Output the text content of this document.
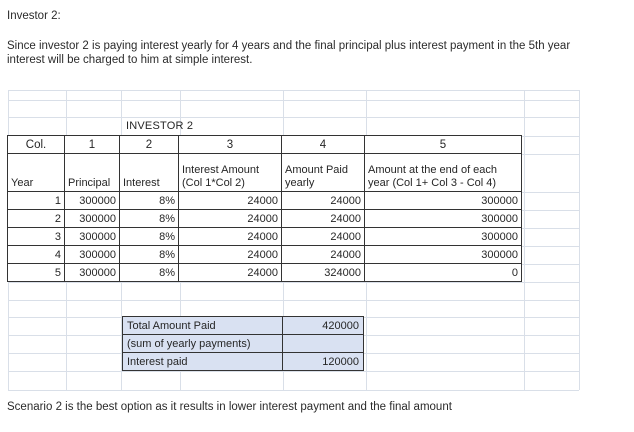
Investor 2:
Since investor 2 is paying interest yearly for 4 years and the final principal plus interest payment in the 5th year interest will be charged to him at simple interest.
INVESTOR 2
Col.	1	2	3	4	5
Year	Principal	Interest	Interest Amount (Col 1*Col 2)	Amount Paid yearly	Amount at the end of each year (Col 1+ Col 3 - Col 4)
1	300000	8%	24000	24000	300000
2	300000	8%	24000	24000	300000
3	300000	8%	24000	24000	300000
4	300000	8%	24000	24000	300000
5	300000	8%	24000	324000	0
Total Amount Paid	420000
(sum of yearly payments)	
Interest paid	120000
Scenario 2 is the best option as it results in lower interest payment and the final amount
